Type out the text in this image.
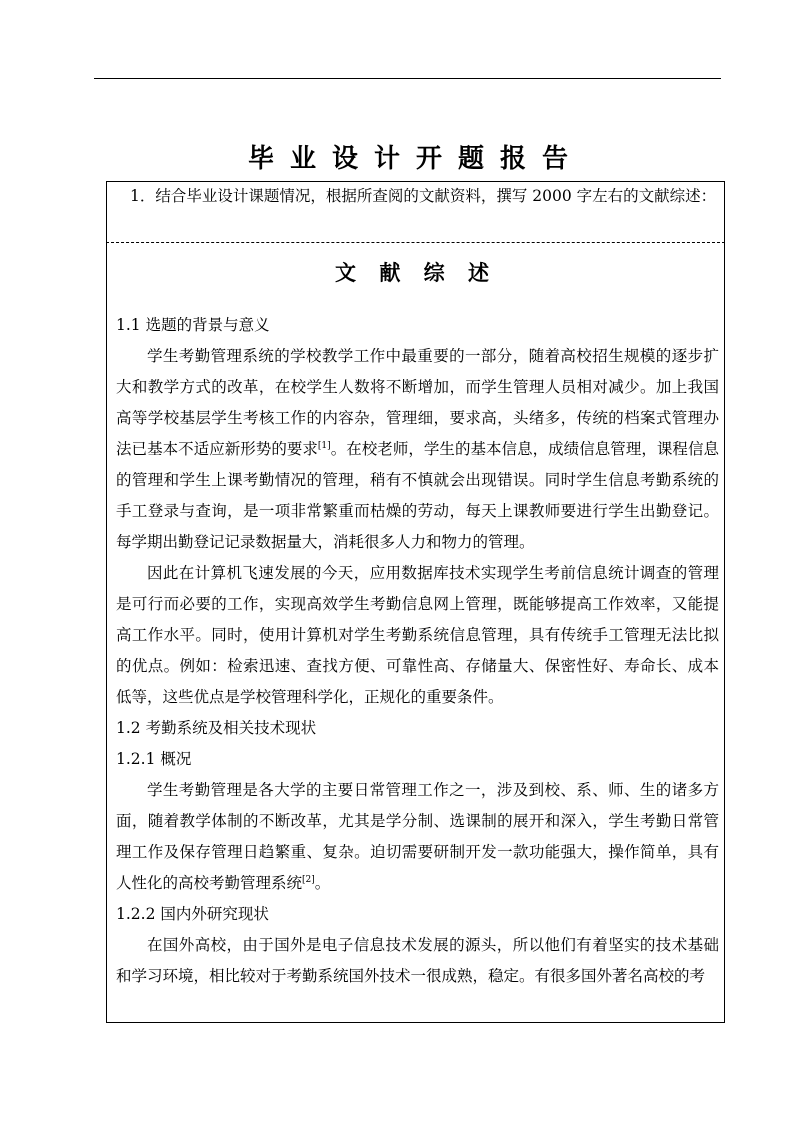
毕业设计开题报告

1．结合毕业设计课题情况，根据所查阅的文献资料，撰写 2000 字左右的文献综述：

文 献 综 述

1.1 选题的背景与意义

学生考勤管理系统的学校教学工作中最重要的一部分，随着高校招生规模的逐步扩大和教学方式的改革，在校学生人数将不断增加，而学生管理人员相对减少。加上我国高等学校基层学生考核工作的内容杂，管理细，要求高，头绪多，传统的档案式管理办法已基本不适应新形势的要求[1]。在校老师，学生的基本信息，成绩信息管理，课程信息的管理和学生上课考勤情况的管理，稍有不慎就会出现错误。同时学生信息考勤系统的手工登录与查询，是一项非常繁重而枯燥的劳动，每天上课教师要进行学生出勤登记。每学期出勤登记记录数据量大，消耗很多人力和物力的管理。

因此在计算机飞速发展的今天，应用数据库技术实现学生考前信息统计调查的管理是可行而必要的工作，实现高效学生考勤信息网上管理，既能够提高工作效率，又能提高工作水平。同时，使用计算机对学生考勤系统信息管理，具有传统手工管理无法比拟的优点。例如：检索迅速、查找方便、可靠性高、存储量大、保密性好、寿命长、成本低等，这些优点是学校管理科学化，正规化的重要条件。

1.2 考勤系统及相关技术现状

1.2.1 概况

学生考勤管理是各大学的主要日常管理工作之一，涉及到校、系、师、生的诸多方面，随着教学体制的不断改革，尤其是学分制、选课制的展开和深入，学生考勤日常管理工作及保存管理日趋繁重、复杂。迫切需要研制开发一款功能强大，操作简单，具有人性化的高校考勤管理系统[2]。

1.2.2 国内外研究现状

在国外高校，由于国外是电子信息技术发展的源头，所以他们有着坚实的技术基础和学习环境，相比较对于考勤系统国外技术一很成熟，稳定。有很多国外著名高校的考
